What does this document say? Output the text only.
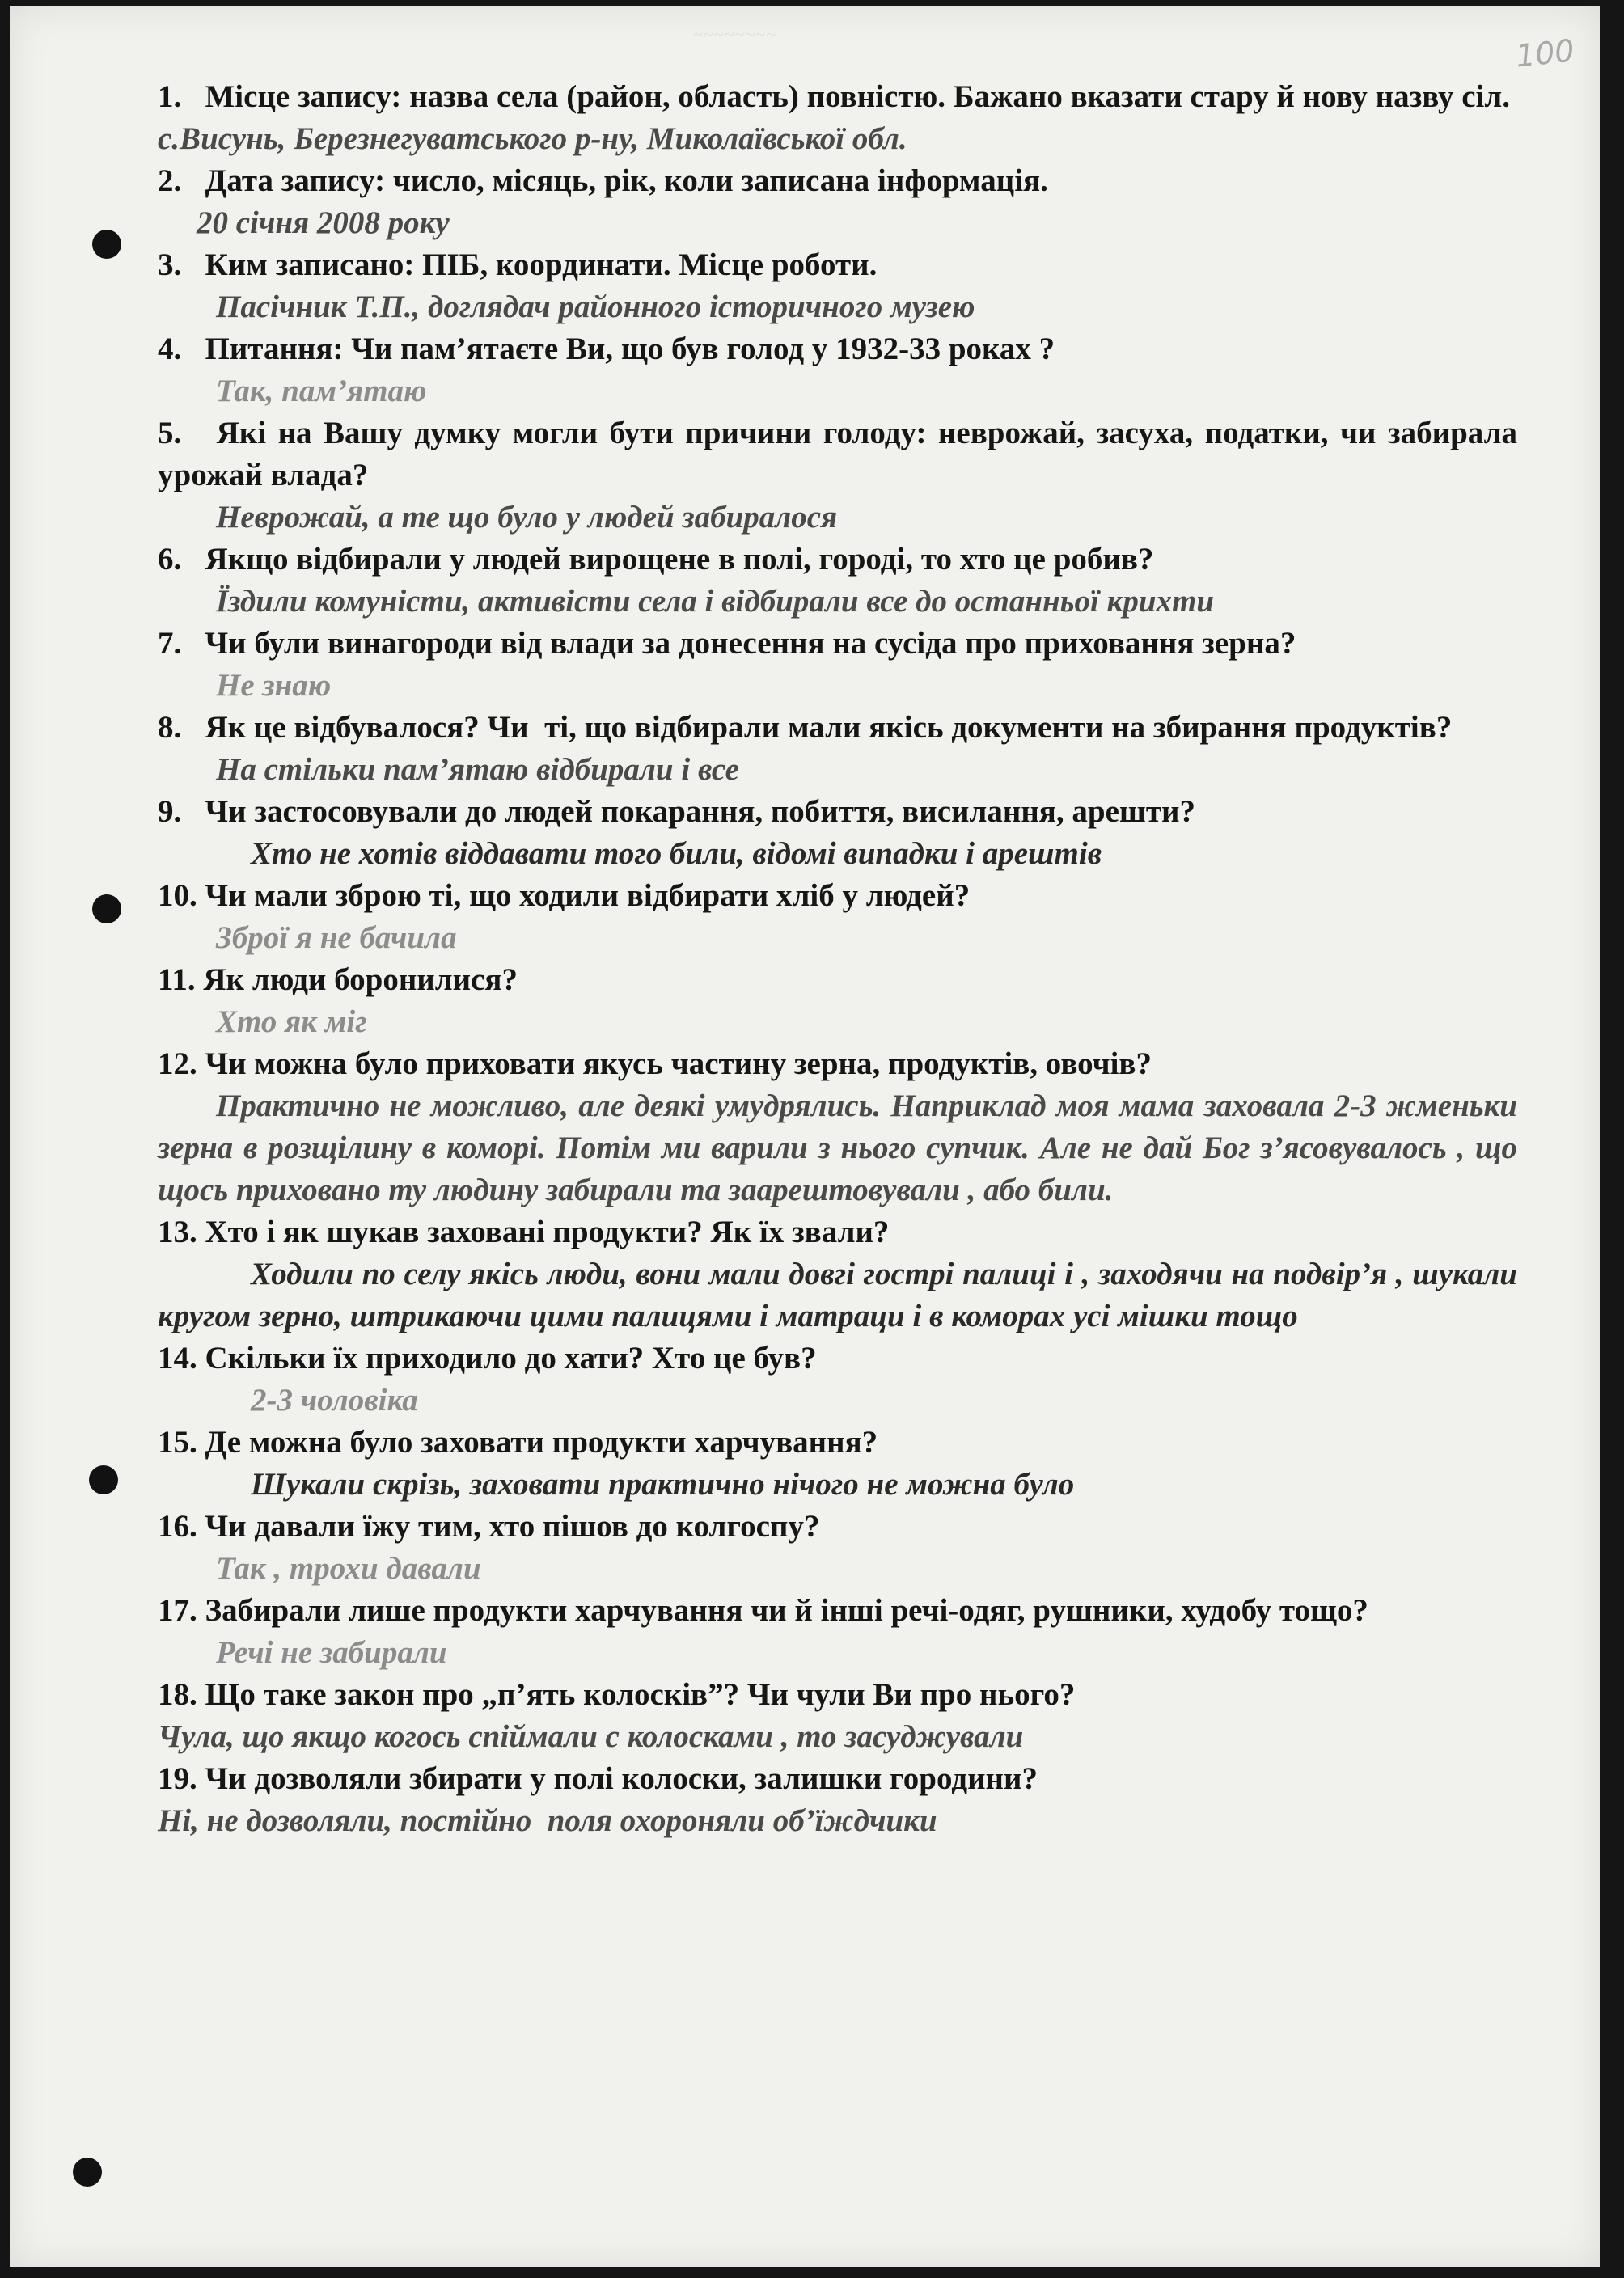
~~~~~~~~	100
1.   Місце запису: назва села (район, область) повністю. Бажано вказати стару й нову назву сіл.
с.Висунь, Березнегуватського р-ну, Миколаївської обл.
2.   Дата запису: число, місяць, рік, коли записана інформація.
20 січня 2008 року
3.   Ким записано: ПІБ, координати. Місце роботи.
Пасічник Т.П., доглядач районного історичного музею
4.   Питання: Чи пам’ятаєте Ви, що був голод у 1932-33 роках ?
Так, пам’ятаю
5.   Які на Вашу думку могли бути причини голоду: неврожай, засуха, податки, чи забирала урожай влада?
Неврожай, а те що було у людей забиралося
6.   Якщо відбирали у людей вирощене в полі, городі, то хто це робив?
Їздили комуністи, активісти села і відбирали все до останньої крихти
7.   Чи були винагороди від влади за донесення на сусіда про приховання зерна?
Не знаю
8.   Як це відбувалося? Чи  ті, що відбирали мали якісь документи на збирання продуктів?
На стільки пам’ятаю відбирали і все
9.   Чи застосовували до людей покарання, побиття, висилання, арешти?
Хто не хотів віддавати того били, відомі випадки і арештів
10. Чи мали зброю ті, що ходили відбирати хліб у людей?
Зброї я не бачила
11. Як люди боронилися?
Хто як міг
12. Чи можна було приховати якусь частину зерна, продуктів, овочів?
Практично не можливо, але деякі умудрялись. Наприклад моя мама заховала 2-3 жменьки зерна в розщілину в коморі. Потім ми варили з нього супчик. Але не дай Бог з’ясовувалось , що щось приховано ту людину забирали та заарештовували , або били.
13. Хто і як шукав заховані продукти? Як їх звали?
Ходили по селу якісь люди, вони мали довгі гострі палиці і , заходячи на подвір’я , шукали кругом зерно, штрикаючи цими палицями і матраци і в коморах усі мішки тощо
14. Скільки їх приходило до хати? Хто це був?
2-3 чоловіка
15. Де можна було заховати продукти харчування?
Шукали скрізь, заховати практично нічого не можна було
16. Чи давали їжу тим, хто пішов до колгоспу?
Так , трохи давали
17. Забирали лише продукти харчування чи й інші речі-одяг, рушники, худобу тощо?
Речі не забирали
18. Що таке закон про „п’ять колосків”? Чи чули Ви про нього?
Чула, що якщо когось спіймали с колосками , то засуджували
19. Чи дозволяли збирати у полі колоски, залишки городини?
Ні, не дозволяли, постійно  поля охороняли об’їждчики
